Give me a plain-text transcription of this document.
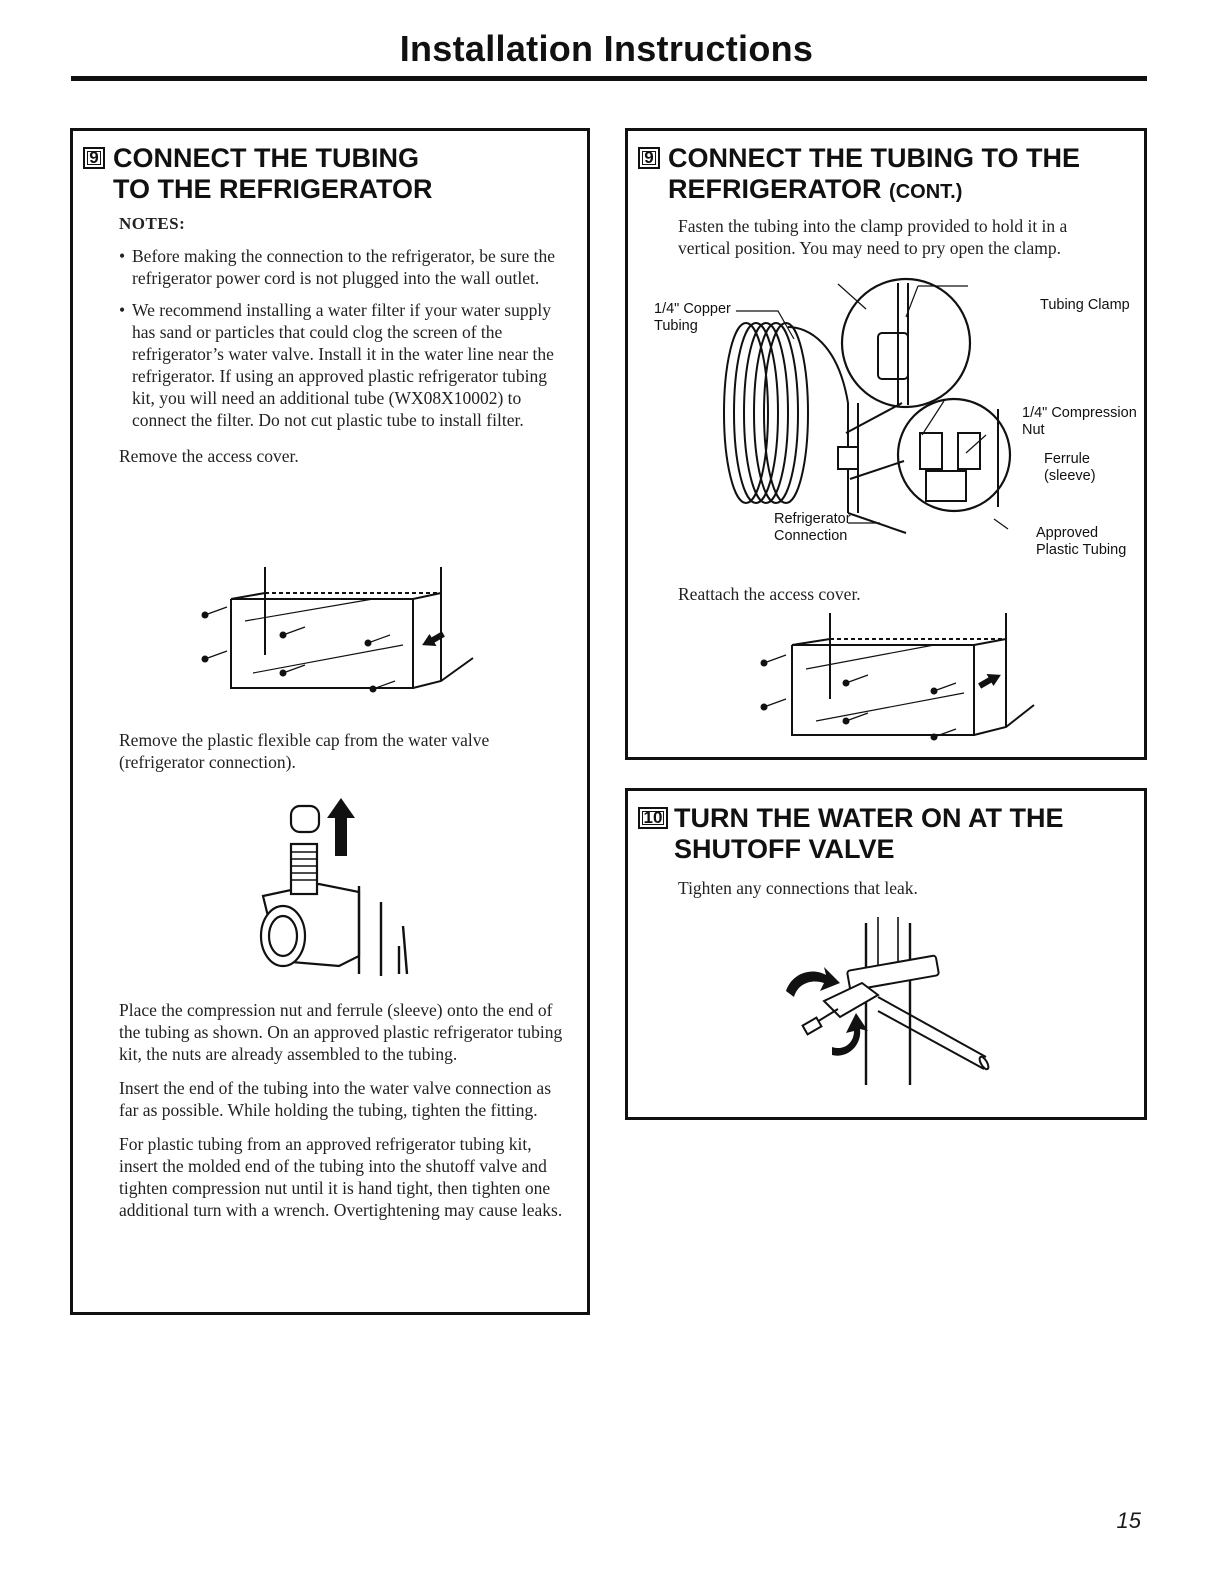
Installation Instructions
9 CONNECT THE TUBING
TO THE REFRIGERATOR

NOTES:

• Before making the connection to the refrigerator, be sure the refrigerator power cord is not plugged into the wall outlet.

• We recommend installing a water filter if your water supply has sand or particles that could clog the screen of the refrigerator’s water valve. Install it in the water line near the refrigerator. If using an approved plastic refrigerator tubing kit, you will need an additional tube (WX08X10002) to connect the filter. Do not cut plastic tube to install filter.

Remove the access cover.

Remove the plastic flexible cap from the water valve (refrigerator connection).

Place the compression nut and ferrule (sleeve) onto the end of the tubing as shown. On an approved plastic refrigerator tubing kit, the nuts are already assembled to the tubing.

Insert the end of the tubing into the water valve connection as far as possible. While holding the tubing, tighten the fitting.

For plastic tubing from an approved refrigerator tubing kit, insert the molded end of the tubing into the shutoff valve and tighten compression nut until it is hand tight, then tighten one additional turn with a wrench. Overtightening may cause leaks.

9 CONNECT THE TUBING TO THE
REFRIGERATOR (CONT.)

Fasten the tubing into the clamp provided to hold it in a vertical position. You may need to pry open the clamp.

1/4" Copper
Tubing
Tubing Clamp
1/4" Compression
Nut
Ferrule
(sleeve)
Refrigerator
Connection	Approved
Plastic Tubing

Reattach the access cover.

10 TURN THE WATER ON AT THE
SHUTOFF VALVE

Tighten any connections that leak.

15
